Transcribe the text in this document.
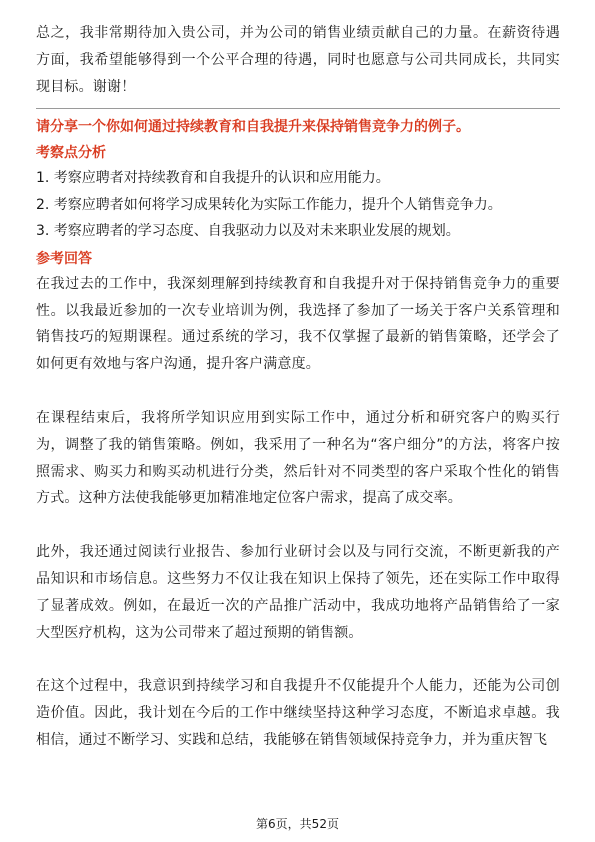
总之，我非常期待加入贵公司，并为公司的销售业绩贡献自己的力量。在薪资待遇方面，我希望能够得到一个公平合理的待遇，同时也愿意与公司共同成长，共同实现目标。谢谢！

请分享一个你如何通过持续教育和自我提升来保持销售竞争力的例子。

考察点分析

1. 考察应聘者对持续教育和自我提升的认识和应用能力。
2. 考察应聘者如何将学习成果转化为实际工作能力，提升个人销售竞争力。
3. 考察应聘者的学习态度、自我驱动力以及对未来职业发展的规划。

参考回答

在我过去的工作中，我深刻理解到持续教育和自我提升对于保持销售竞争力的重要性。以我最近参加的一次专业培训为例，我选择了参加了一场关于客户关系管理和销售技巧的短期课程。通过系统的学习，我不仅掌握了最新的销售策略，还学会了如何更有效地与客户沟通，提升客户满意度。

在课程结束后，我将所学知识应用到实际工作中，通过分析和研究客户的购买行为，调整了我的销售策略。例如，我采用了一种名为“客户细分”的方法，将客户按照需求、购买力和购买动机进行分类，然后针对不同类型的客户采取个性化的销售方式。这种方法使我能够更加精准地定位客户需求，提高了成交率。

此外，我还通过阅读行业报告、参加行业研讨会以及与同行交流，不断更新我的产品知识和市场信息。这些努力不仅让我在知识上保持了领先，还在实际工作中取得了显著成效。例如，在最近一次的产品推广活动中，我成功地将产品销售给了一家大型医疗机构，这为公司带来了超过预期的销售额。

在这个过程中，我意识到持续学习和自我提升不仅能提升个人能力，还能为公司创造价值。因此，我计划在今后的工作中继续坚持这种学习态度，不断追求卓越。我相信，通过不断学习、实践和总结，我能够在销售领域保持竞争力，并为重庆智飞

第6页，共52页
